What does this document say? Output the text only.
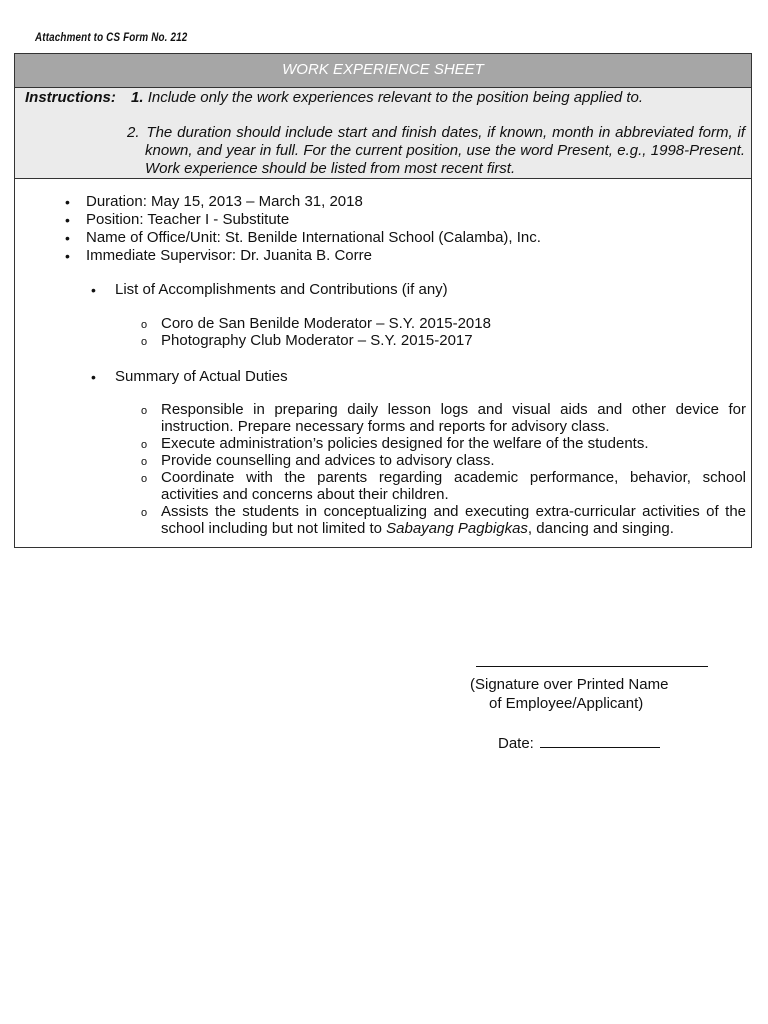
Attachment to CS Form No. 212
WORK EXPERIENCE SHEET
Instructions: 1. Include only the work experiences relevant to the position being applied to.
2. The duration should include start and finish dates, if known, month in abbreviated form, if known, and year in full. For the current position, use the word Present, e.g., 1998-Present. Work experience should be listed from most recent first.
• Duration: May 15, 2013 – March 31, 2018
• Position: Teacher I - Substitute
• Name of Office/Unit: St. Benilde International School (Calamba), Inc.
• Immediate Supervisor: Dr. Juanita B. Corre
• List of Accomplishments and Contributions (if any)
o Coro de San Benilde Moderator – S.Y. 2015-2018
o Photography Club Moderator – S.Y. 2015-2017
• Summary of Actual Duties
o Responsible in preparing daily lesson logs and visual aids and other device for instruction. Prepare necessary forms and reports for advisory class.
o Execute administration’s policies designed for the welfare of the students.
o Provide counselling and advices to advisory class.
o Coordinate with the parents regarding academic performance, behavior, school activities and concerns about their children.
o Assists the students in conceptualizing and executing extra-curricular activities of the school including but not limited to Sabayang Pagbigkas, dancing and singing.
(Signature over Printed Name
of Employee/Applicant)
Date:
